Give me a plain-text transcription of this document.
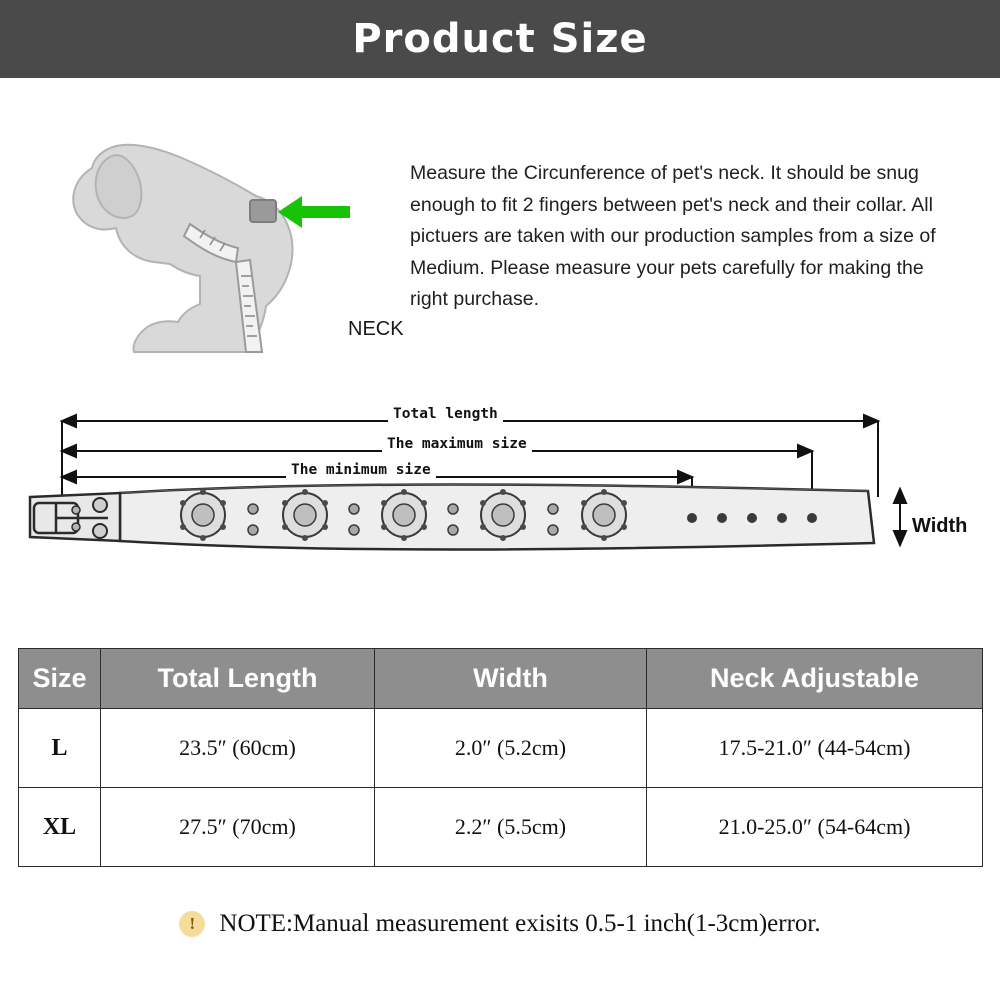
Product Size
NECK
Measure the Circunference of pet's neck. It should be snug enough to fit 2 fingers between pet's neck and their collar. All pictuers are taken with our production samples from a size of Medium. Please measure your pets carefully for making the right purchase.
Total length
The maximum size
The minimum size
Width
Size	Total Length	Width	Neck Adjustable
L	23.5″ (60cm)	2.0″ (5.2cm)	17.5-21.0″ (44-54cm)
XL	27.5″ (70cm)	2.2″ (5.5cm)	21.0-25.0″ (54-64cm)
! NOTE:Manual measurement exisits 0.5-1 inch(1-3cm)error.
